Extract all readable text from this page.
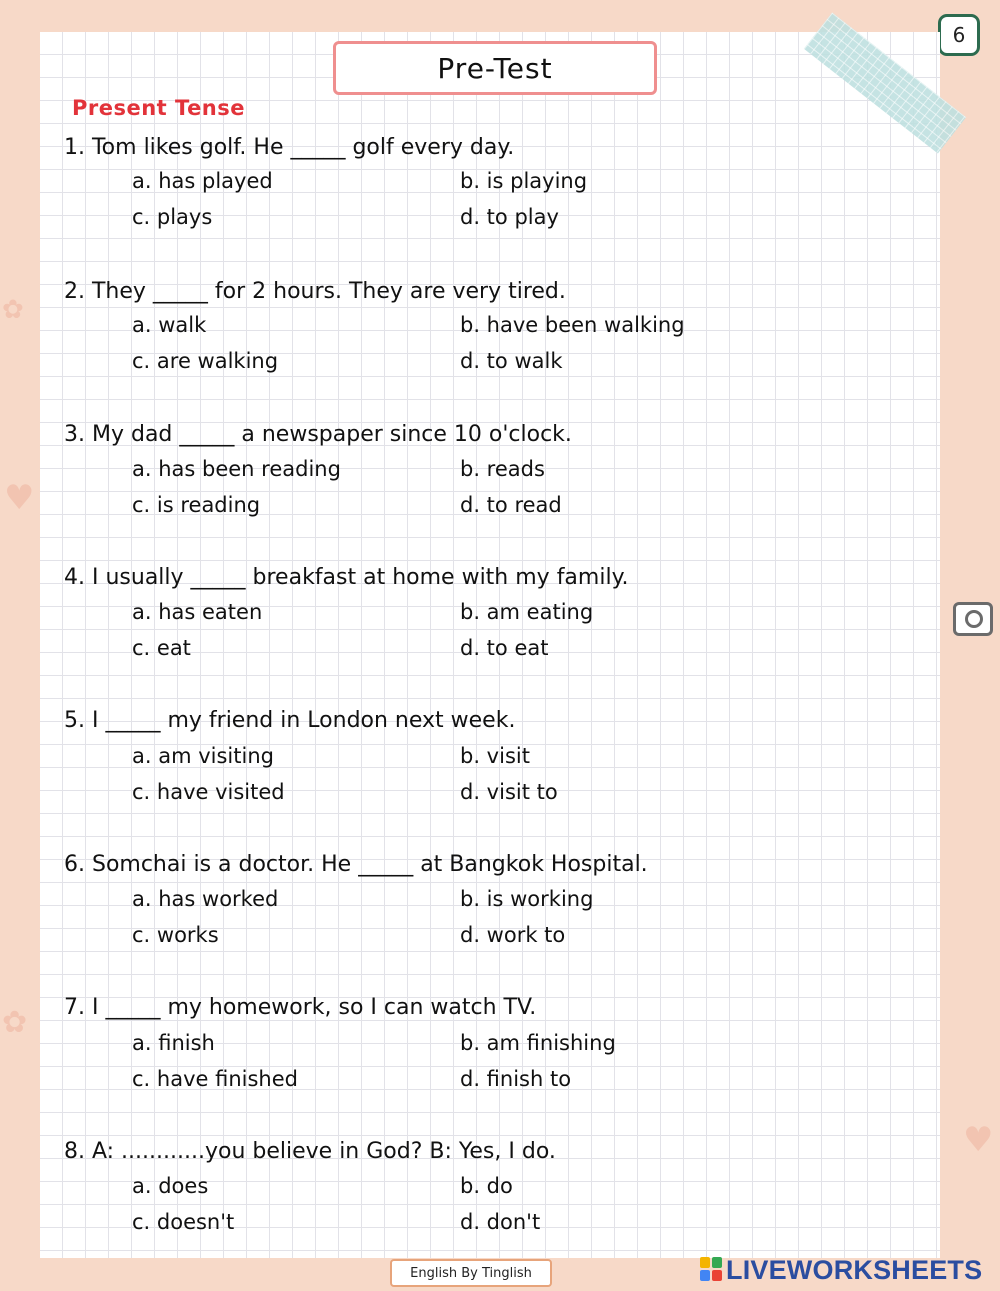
♥
♥
✿
✿
6
Pre-Test
Present Tense
1. Tom likes golf. He _____ golf every day.
a. has played	b. is playing
c. plays	d. to play
2. They _____ for 2 hours. They are very tired.
a. walk	b. have been walking
c. are walking	d. to walk
3. My dad _____ a newspaper since 10 o'clock.
a. has been reading	b. reads
c. is reading	d. to read
4. I usually _____ breakfast at home with my family.
a. has eaten	b. am eating
c. eat	d. to eat
5. I _____ my friend in London next week.
a. am visiting	b. visit
c. have visited	d. visit to
6. Somchai is a doctor. He _____ at Bangkok Hospital.
a. has worked	b. is working
c. works	d. work to
7. I _____ my homework, so I can watch TV.
a. finish	b. am finishing
c. have finished	d. finish to
8. A: ............you believe in God? B: Yes, I do.
a. does	b. do
c. doesn't	d. don't
English By Tinglish	LIVEWORKSHEETS
